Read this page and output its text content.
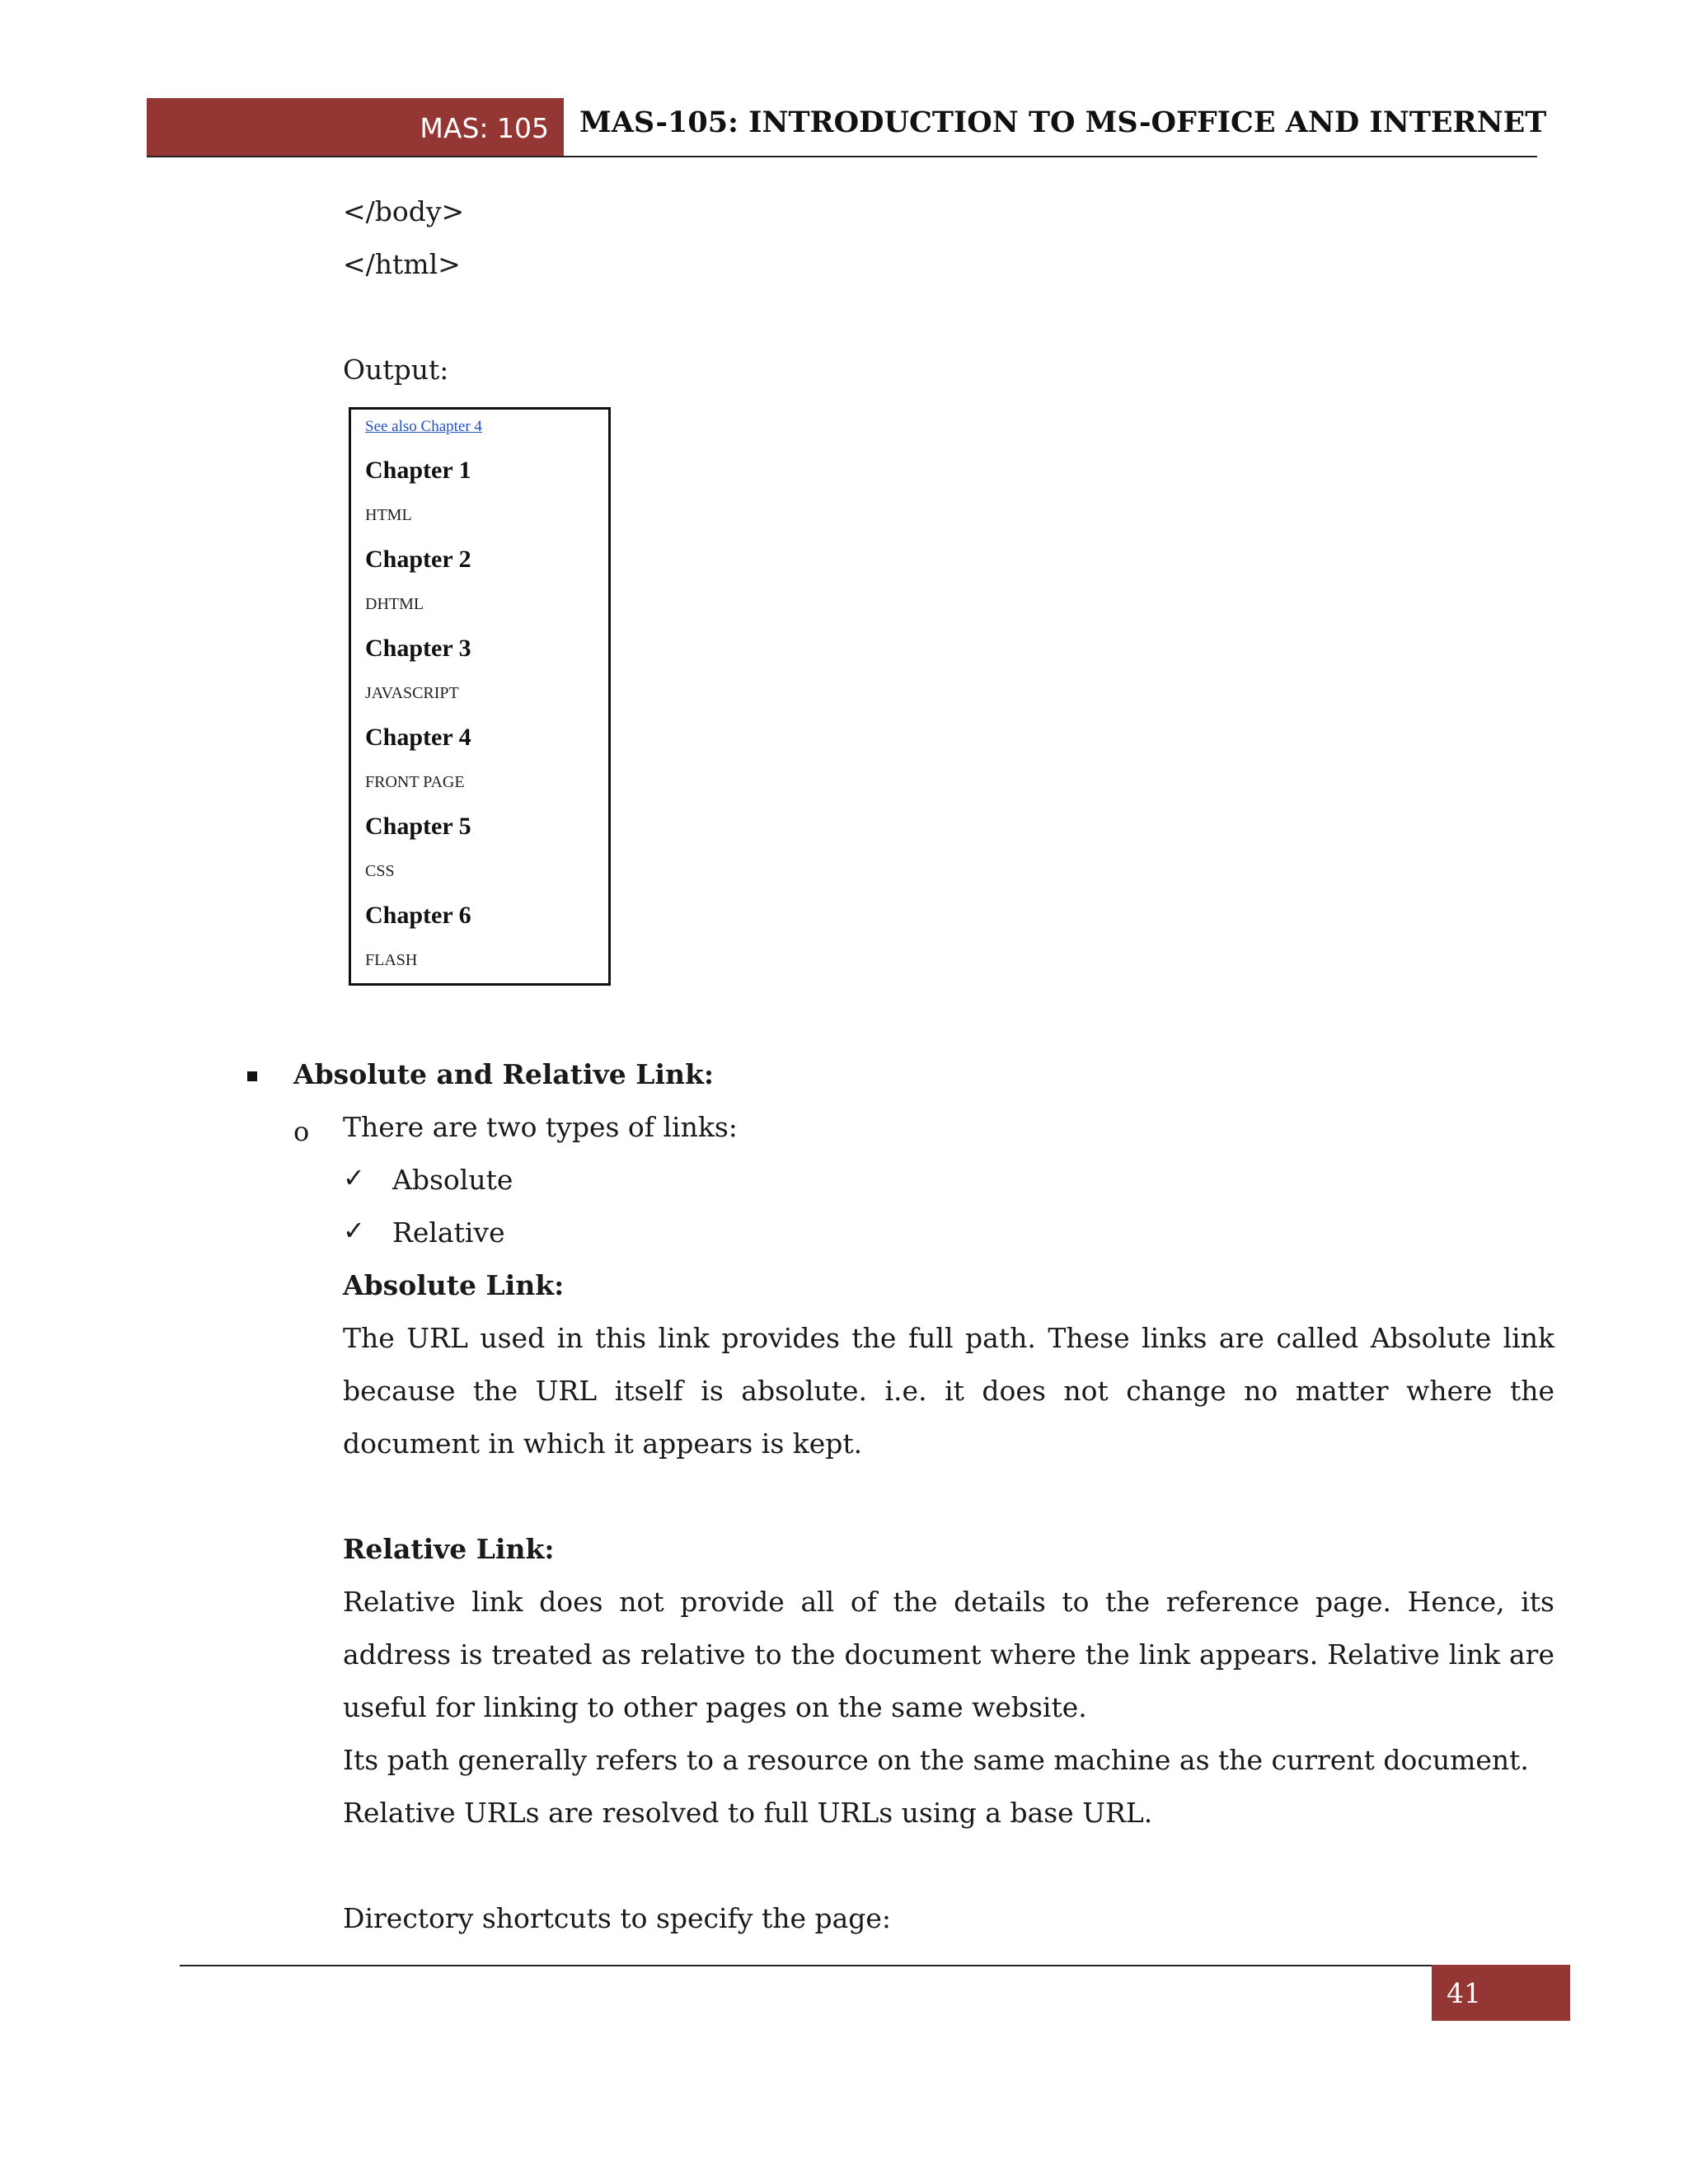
MAS: 105 MAS-105: INTRODUCTION TO MS-OFFICE AND INTERNET
</body>
</html>
Output:
See also Chapter 4
Chapter 1
HTML
Chapter 2
DHTML
Chapter 3
JAVASCRIPT
Chapter 4
FRONT PAGE
Chapter 5
CSS
Chapter 6
FLASH
Absolute and Relative Link:
o There are two types of links:
✓ Absolute
✓ Relative
Absolute Link:
The URL used in this link provides the full path. These links are called Absolute link because the URL itself is absolute. i.e. it does not change no matter where the document in which it appears is kept.
Relative Link:
Relative link does not provide all of the details to the reference page. Hence, its address is treated as relative to the document where the link appears. Relative link are useful for linking to other pages on the same website.
Its path generally refers to a resource on the same machine as the current document. Relative URLs are resolved to full URLs using a base URL.
Directory shortcuts to specify the page:
41
